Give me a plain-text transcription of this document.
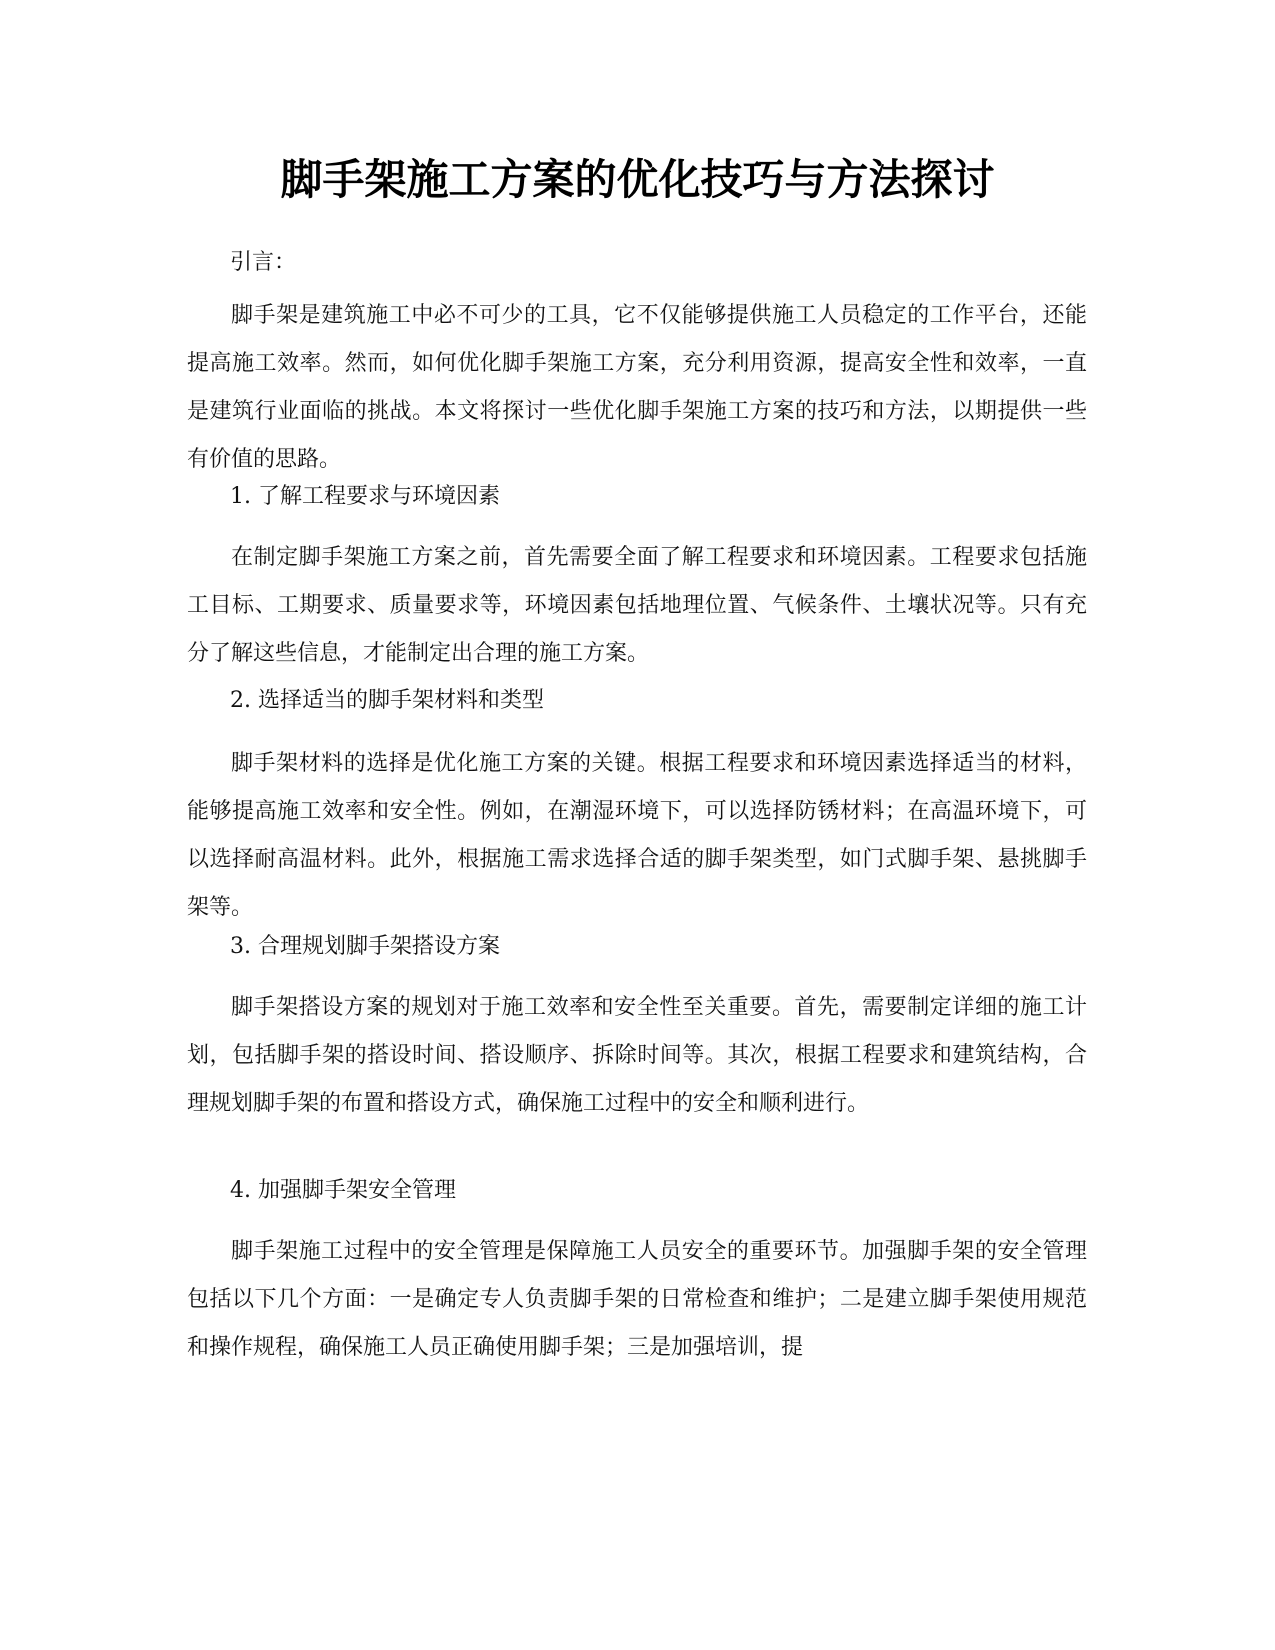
脚手架施工方案的优化技巧与方法探讨

引言：

脚手架是建筑施工中必不可少的工具，它不仅能够提供施工人员稳定的工作平台，还能提高施工效率。然而，如何优化脚手架施工方案，充分利用资源，提高安全性和效率，一直是建筑行业面临的挑战。本文将探讨一些优化脚手架施工方案的技巧和方法，以期提供一些有价值的思路。

1. 了解工程要求与环境因素

在制定脚手架施工方案之前，首先需要全面了解工程要求和环境因素。工程要求包括施工目标、工期要求、质量要求等，环境因素包括地理位置、气候条件、土壤状况等。只有充分了解这些信息，才能制定出合理的施工方案。

2. 选择适当的脚手架材料和类型

脚手架材料的选择是优化施工方案的关键。根据工程要求和环境因素选择适当的材料，能够提高施工效率和安全性。例如，在潮湿环境下，可以选择防锈材料；在高温环境下，可以选择耐高温材料。此外，根据施工需求选择合适的脚手架类型，如门式脚手架、悬挑脚手架等。

3. 合理规划脚手架搭设方案

脚手架搭设方案的规划对于施工效率和安全性至关重要。首先，需要制定详细的施工计划，包括脚手架的搭设时间、搭设顺序、拆除时间等。其次，根据工程要求和建筑结构，合理规划脚手架的布置和搭设方式，确保施工过程中的安全和顺利进行。

4. 加强脚手架安全管理

脚手架施工过程中的安全管理是保障施工人员安全的重要环节。加强脚手架的安全管理包括以下几个方面：一是确定专人负责脚手架的日常检查和维护；二是建立脚手架使用规范和操作规程，确保施工人员正确使用脚手架；三是加强培训，提
